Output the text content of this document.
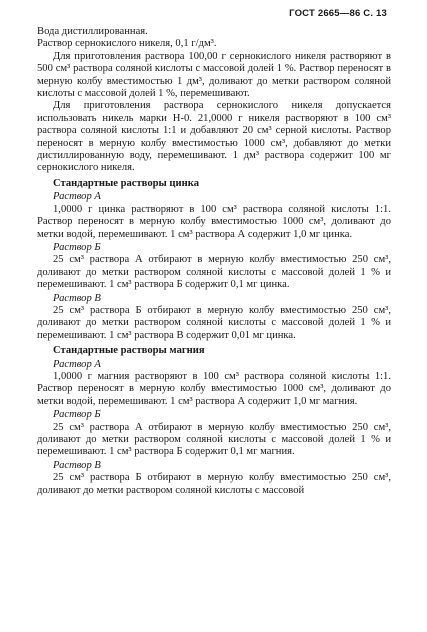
ГОСТ 2665—86 С. 13

Вода дистиллированная.

Раствор сернокислого никеля, 0,1 г/дм³.

Для приготовления раствора 100,00 г сернокислого никеля растворяют в 500 см³ раствора соляной кислоты с массовой долей 1 %. Раствор переносят в мерную колбу вместимостью 1 дм³, доливают до метки раствором соляной кислоты с массовой долей 1 %, перемешивают.

Для приготовления раствора сернокислого никеля допускается использовать никель марки Н-0. 21,0000 г никеля растворяют в 100 см³ раствора соляной кислоты 1:1 и добавляют 20 см³ серной кислоты. Раствор переносят в мерную колбу вместимостью 1000 см³, добавляют до метки дистиллированную воду, перемешивают. 1 дм³ раствора содержит 100 мг сернокислого никеля.

Стандартные растворы цинка
Раствор А

1,0000 г цинка растворяют в 100 см³ раствора соляной кислоты 1:1. Раствор переносят в мерную колбу вместимостью 1000 см³, доливают до метки водой, перемешивают. 1 см³ раствора А содержит 1,0 мг цинка.

Раствор Б

25 см³ раствора А отбирают в мерную колбу вместимостью 250 см³, доливают до метки раствором соляной кислоты с массовой долей 1 % и перемешивают. 1 см³ раствора Б содержит 0,1 мг цинка.

Раствор В

25 см³ раствора Б отбирают в мерную колбу вместимостью 250 см³, доливают до метки раствором соляной кислоты с массовой долей 1 % и перемешивают. 1 см³ раствора В содержит 0,01 мг цинка.

Стандартные растворы магния
Раствор А

1,0000 г магния растворяют в 100 см³ раствора соляной кислоты 1:1. Раствор переносят в мерную колбу вместимостью 1000 см³, доливают до метки водой, перемешивают. 1 см³ раствора А содержит 1,0 мг магния.

Раствор Б

25 см³ раствора А отбирают в мерную колбу вместимостью 250 см³, доливают до метки раствором соляной кислоты с массовой долей 1 % и перемешивают. 1 см³ раствора Б содержит 0,1 мг магния.

Раствор В

25 см³ раствора Б отбирают в мерную колбу вместимостью 250 см³, доливают до метки раствором соляной кислоты с массовой
